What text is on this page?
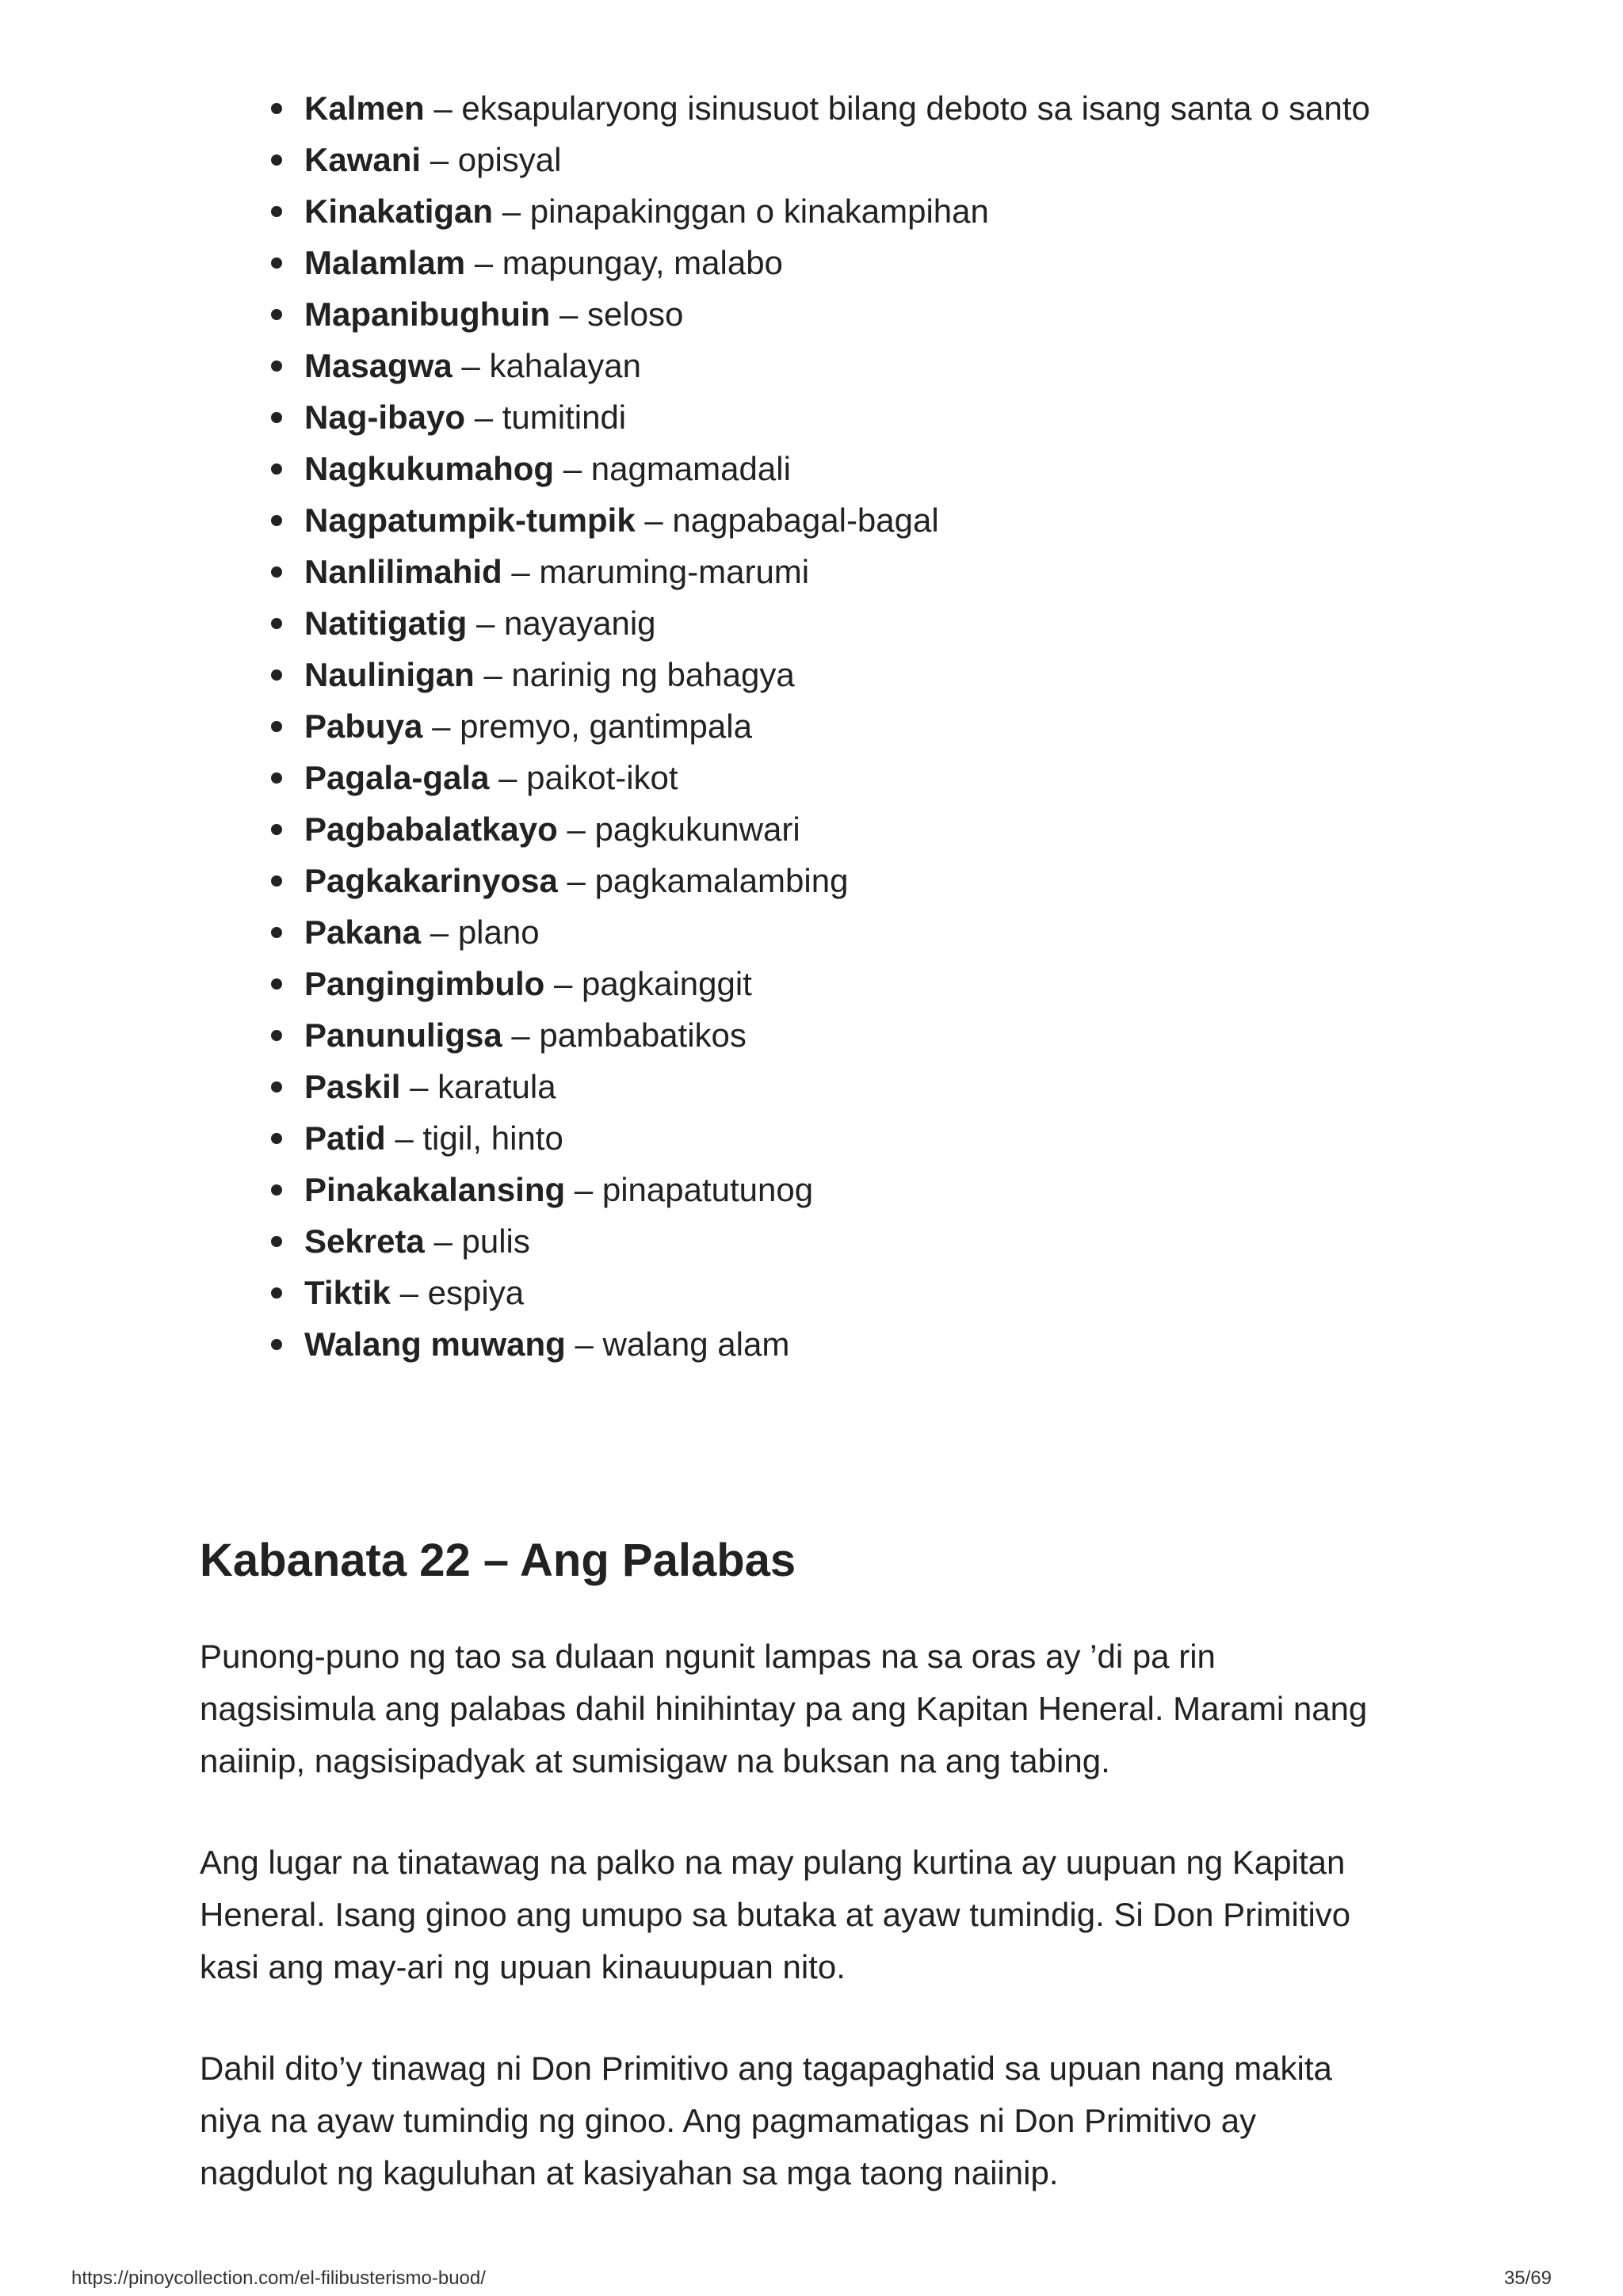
Kalmen – eksapularyong isinusuot bilang deboto sa isang santa o santo
Kawani – opisyal
Kinakatigan – pinapakinggan o kinakampihan
Malamlam – mapungay, malabo
Mapanibughuin – seloso
Masagwa – kahalayan
Nag-ibayo – tumitindi
Nagkukumahog – nagmamadali
Nagpatumpik-tumpik – nagpabagal-bagal
Nanlilimahid – maruming-marumi
Natitigatig – nayayanig
Naulinigan – narinig ng bahagya
Pabuya – premyo, gantimpala
Pagala-gala – paikot-ikot
Pagbabalatkayo – pagkukunwari
Pagkakarinyosa – pagkamalambing
Pakana – plano
Pangingimbulo – pagkainggit
Panunuligsa – pambabatikos
Paskil – karatula
Patid – tigil, hinto
Pinakakalansing – pinapatutunog
Sekreta – pulis
Tiktik – espiya
Walang muwang – walang alam
Kabanata 22 – Ang Palabas

Punong-puno ng tao sa dulaan ngunit lampas na sa oras ay ’di pa rin
nagsisimula ang palabas dahil hinihintay pa ang Kapitan Heneral. Marami nang
naiinip, nagsisipadyak at sumisigaw na buksan na ang tabing.

Ang lugar na tinatawag na palko na may pulang kurtina ay uupuan ng Kapitan
Heneral. Isang ginoo ang umupo sa butaka at ayaw tumindig. Si Don Primitivo
kasi ang may-ari ng upuan kinauupuan nito.

Dahil dito’y tinawag ni Don Primitivo ang tagapaghatid sa upuan nang makita
niya na ayaw tumindig ng ginoo. Ang pagmamatigas ni Don Primitivo ay
nagdulot ng kaguluhan at kasiyahan sa mga taong naiinip.

https://pinoycollection.com/el-filibusterismo-buod/	35/69
